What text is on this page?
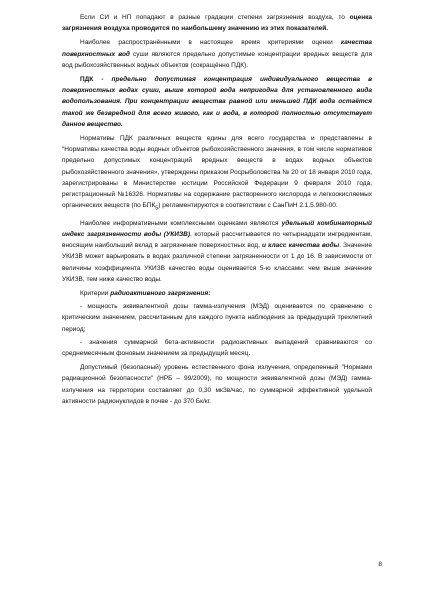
Если СИ и НП попадают в разные градации степени загрязнения воздуха, то оценка загрязнения воздуха проводится по наибольшему значению из этих показателей.

Наиболее распространёнными в настоящее время критериями оценки качества поверхностных вод суши являются предельно допустимые концентрации вредных веществ для вод рыбохозяйственных водных объектов (сокращённо ПДК).

ПДК - предельно допустимая концентрация индивидуального вещества в поверхностных водах суши, выше которой вода непригодна для установленного вида водопользования. При концентрации вещества равной или меньшей ПДК вода остаётся такой же безвредной для всего живого, как и вода, в которой полностью отсутствует данное вещество.

Нормативы ПДК различных веществ едины для всего государства и представлены в "Нормативы качества воды водных объектов рыбохозяйственного значения, в том числе нормативов предельно допустимых концентраций вредных веществ в водах водных объектов рыбохозяйственного значения», утверждены приказом Росрыболовства № 20 от 18 января 2010 года, зарегистрированы в Министерстве юстиции Российской Федерации 9 февраля 2010 года, регистрационный №16326. Нормативы на содержание растворенного кислорода и легкоокисляемых органических веществ (по $БПК_5$) регламентируются в соответствии с СанПиН 2.1.5.980-00.

Наиболее информативными комплексными оценками являются удельный комбинаторный индекс загрязненности воды (УКИЗВ), который рассчитывается по четырнадцати ингредиентам, вносящим наибольший вклад в загрязнение поверхностных вод, и класс качества воды. Значение УКИЗВ может варьировать в водах различной степени загрязненности от 1 до 16. В зависимости от величины коэффициента УКИЗВ качество воды оценивается 5-ю классами: чем выше значение УКИЗВ, тем ниже качество воды.

Критерии радиоактивного загрязнения:

- мощность эквивалентной дозы гамма-излучения (МЭД) оценивается по сравнению с критическим значением, рассчитанным для каждого пункта наблюдения за предыдущий трехлетний период;

- значения суммарной бета-активности радиоактивных выпадений сравниваются со среднемесячным фоновым значением за предыдущий месяц.

Допустимый (безопасный) уровень естественного фона излучения, определенный "Нормами радиационной безопасности" (НРБ – 99/2009), по мощности эквивалентной дозы (МЭД) гамма-излучения на территории составляет до 0,30 мкЗв/час, по суммарной эффективной удельной активности радионуклидов в почве - до 370 Бк/кг.

8
